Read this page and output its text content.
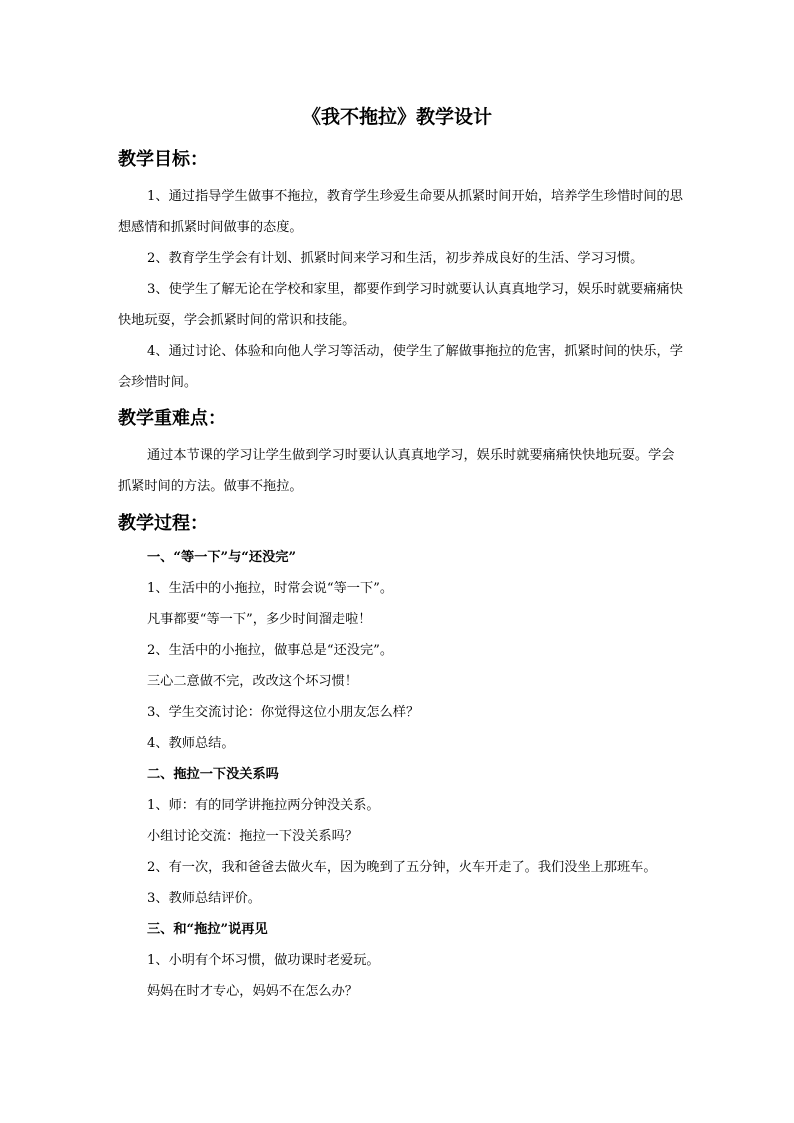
《我不拖拉》教学设计
教学目标：

1、通过指导学生做事不拖拉，教育学生珍爱生命要从抓紧时间开始，培养学生珍惜时间的思想感情和抓紧时间做事的态度。

2、教育学生学会有计划、抓紧时间来学习和生活，初步养成良好的生活、学习习惯。

3、使学生了解无论在学校和家里，都要作到学习时就要认认真真地学习，娱乐时就要痛痛快快地玩耍，学会抓紧时间的常识和技能。

4、通过讨论、体验和向他人学习等活动，使学生了解做事拖拉的危害，抓紧时间的快乐，学会珍惜时间。

教学重难点：

通过本节课的学习让学生做到学习时要认认真真地学习，娱乐时就要痛痛快快地玩耍。学会抓紧时间的方法。做事不拖拉。

教学过程：

一、“等一下”与“还没完”

1、生活中的小拖拉，时常会说“等一下”。

凡事都要“等一下”，多少时间溜走啦！

2、生活中的小拖拉，做事总是“还没完”。

三心二意做不完，改改这个坏习惯！

3、学生交流讨论：你觉得这位小朋友怎么样？

4、教师总结。

二、拖拉一下没关系吗

1、师：有的同学讲拖拉两分钟没关系。

小组讨论交流：拖拉一下没关系吗？

2、有一次，我和爸爸去做火车，因为晚到了五分钟，火车开走了。我们没坐上那班车。

3、教师总结评价。

三、和“拖拉”说再见

1、小明有个坏习惯，做功课时老爱玩。

妈妈在时才专心，妈妈不在怎么办？
